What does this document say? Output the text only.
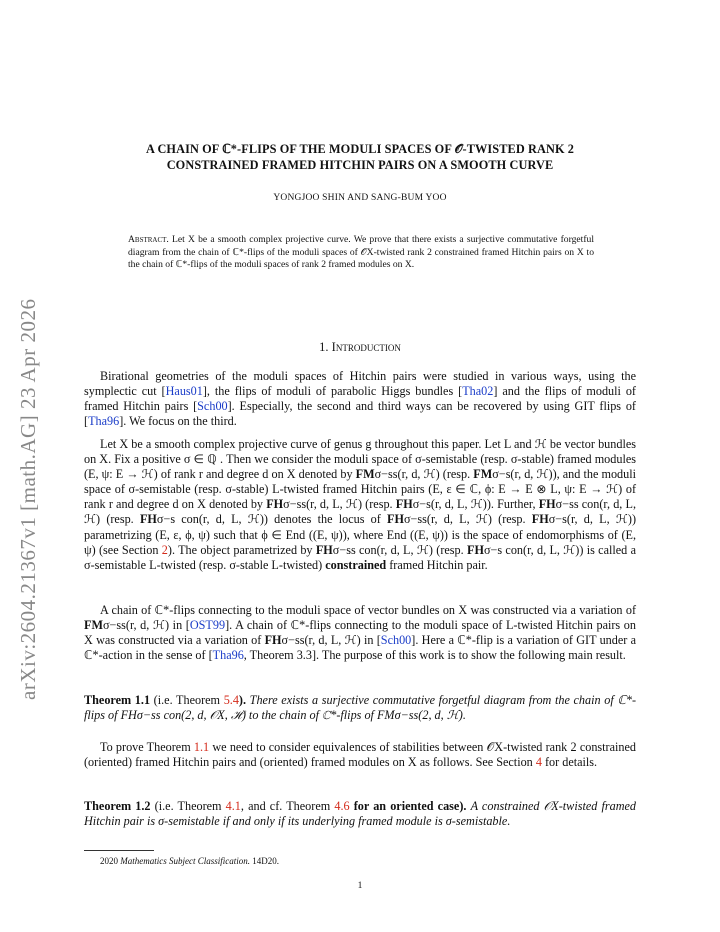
arXiv:2604.21367v1 [math.AG] 23 Apr 2026
A CHAIN OF ℂ*-FLIPS OF THE MODULI SPACES OF 𝒪-TWISTED RANK 2
CONSTRAINED FRAMED HITCHIN PAIRS ON A SMOOTH CURVE
YONGJOO SHIN AND SANG-BUM YOO
Abstract. Let X be a smooth complex projective curve. We prove that there exists a surjective commutative forgetful diagram from the chain of ℂ*-flips of the moduli spaces of 𝒪X-twisted rank 2 constrained framed Hitchin pairs on X to the chain of ℂ*-flips of the moduli spaces of rank 2 framed modules on X.
1. Introduction
Birational geometries of the moduli spaces of Hitchin pairs were studied in various ways, using the symplectic cut [Haus01], the flips of moduli of parabolic Higgs bundles [Tha02] and the flips of moduli of framed Hitchin pairs [Sch00]. Especially, the second and third ways can be recovered by using GIT flips of [Tha96]. We focus on the third.
Let X be a smooth complex projective curve of genus g throughout this paper. Let L and ℋ be vector bundles on X. Fix a positive σ ∈ ℚ . Then we consider the moduli space of σ-semistable (resp. σ-stable) framed modules (E, ψ: E → ℋ) of rank r and degree d on X denoted by FMσ−ss(r, d, ℋ) (resp. FMσ−s(r, d, ℋ)), and the moduli space of σ-semistable (resp. σ-stable) L-twisted framed Hitchin pairs (E, ε ∈ ℂ, ϕ: E → E ⊗ L, ψ: E → ℋ) of rank r and degree d on X denoted by FHσ−ss(r, d, L, ℋ) (resp. FHσ−s(r, d, L, ℋ)). Further, FHσ−ss con(r, d, L, ℋ) (resp. FHσ−s con(r, d, L, ℋ)) denotes the locus of FHσ−ss(r, d, L, ℋ) (resp. FHσ−s(r, d, L, ℋ)) parametrizing (E, ε, ϕ, ψ) such that ϕ ∈ End ((E, ψ)), where End ((E, ψ)) is the space of endomorphisms of (E, ψ) (see Section 2). The object parametrized by FHσ−ss con(r, d, L, ℋ) (resp. FHσ−s con(r, d, L, ℋ)) is called a σ-semistable L-twisted (resp. σ-stable L-twisted) constrained framed Hitchin pair.
A chain of ℂ*-flips connecting to the moduli space of vector bundles on X was constructed via a variation of FMσ−ss(r, d, ℋ) in [OST99]. A chain of ℂ*-flips connecting to the moduli space of L-twisted Hitchin pairs on X was constructed via a variation of FHσ−ss(r, d, L, ℋ) in [Sch00]. Here a ℂ*-flip is a variation of GIT under a ℂ*-action in the sense of [Tha96, Theorem 3.3]. The purpose of this work is to show the following main result.
Theorem 1.1 (i.e. Theorem 5.4). There exists a surjective commutative forgetful diagram from the chain of ℂ*-flips of FHσ−ss con(2, d, 𝒪X, ℋ) to the chain of ℂ*-flips of FMσ−ss(2, d, ℋ).
To prove Theorem 1.1 we need to consider equivalences of stabilities between 𝒪X-twisted rank 2 constrained (oriented) framed Hitchin pairs and (oriented) framed modules on X as follows. See Section 4 for details.
Theorem 1.2 (i.e. Theorem 4.1, and cf. Theorem 4.6 for an oriented case). A constrained 𝒪X-twisted framed Hitchin pair is σ-semistable if and only if its underlying framed module is σ-semistable.
2020 Mathematics Subject Classification. 14D20.
1
